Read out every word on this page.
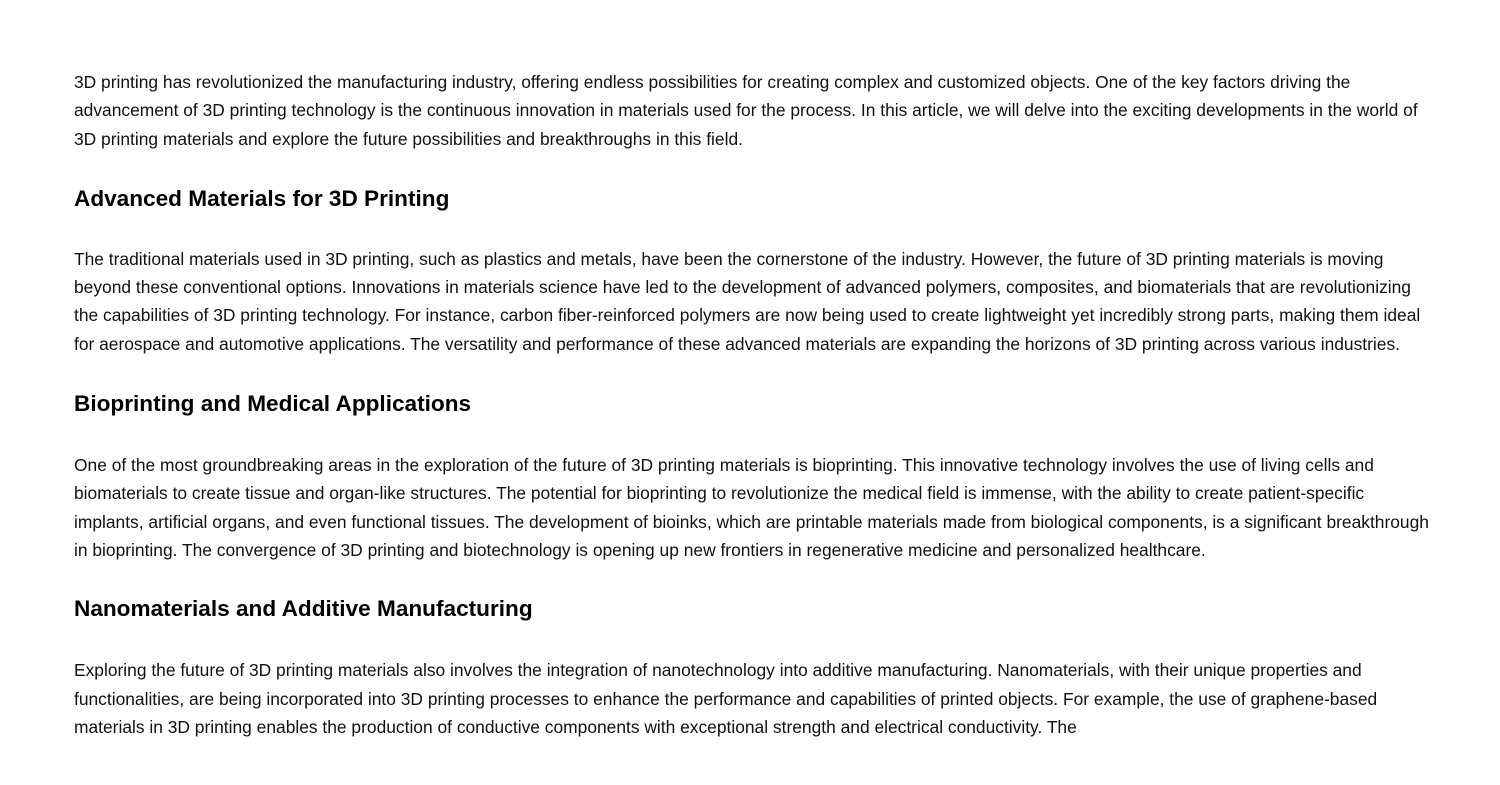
3D printing has revolutionized the manufacturing industry, offering endless possibilities for creating complex and customized objects. One of the key factors driving the advancement of 3D printing technology is the continuous innovation in materials used for the process. In this article, we will delve into the exciting developments in the world of 3D printing materials and explore the future possibilities and breakthroughs in this field.

Advanced Materials for 3D Printing

The traditional materials used in 3D printing, such as plastics and metals, have been the cornerstone of the industry. However, the future of 3D printing materials is moving beyond these conventional options. Innovations in materials science have led to the development of advanced polymers, composites, and biomaterials that are revolutionizing the capabilities of 3D printing technology. For instance, carbon fiber-reinforced polymers are now being used to create lightweight yet incredibly strong parts, making them ideal for aerospace and automotive applications. The versatility and performance of these advanced materials are expanding the horizons of 3D printing across various industries.

Bioprinting and Medical Applications

One of the most groundbreaking areas in the exploration of the future of 3D printing materials is bioprinting. This innovative technology involves the use of living cells and biomaterials to create tissue and organ-like structures. The potential for bioprinting to revolutionize the medical field is immense, with the ability to create patient-specific implants, artificial organs, and even functional tissues. The development of bioinks, which are printable materials made from biological components, is a significant breakthrough in bioprinting. The convergence of 3D printing and biotechnology is opening up new frontiers in regenerative medicine and personalized healthcare.

Nanomaterials and Additive Manufacturing

Exploring the future of 3D printing materials also involves the integration of nanotechnology into additive manufacturing. Nanomaterials, with their unique properties and functionalities, are being incorporated into 3D printing processes to enhance the performance and capabilities of printed objects. For example, the use of graphene-based materials in 3D printing enables the production of conductive components with exceptional strength and electrical conductivity. The
